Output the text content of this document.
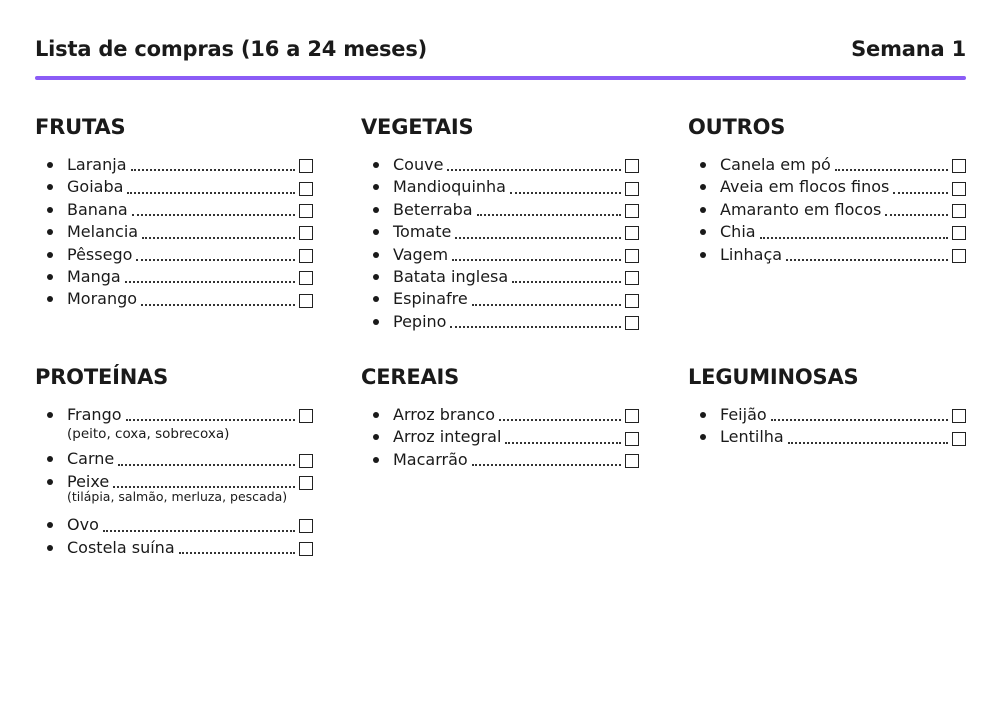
Lista de compras (16 a 24 meses)	Semana 1
FRUTAS
Laranja
Goiaba
Banana
Melancia
Pêssego
Manga
Morango
VEGETAIS
Couve
Mandioquinha
Beterraba
Tomate
Vagem
Batata inglesa
Espinafre
Pepino
OUTROS
Canela em pó
Aveia em flocos finos
Amaranto em flocos
Chia
Linhaça
PROTEÍNAS
Frango
(peito, coxa, sobrecoxa)
Carne
Peixe
(tilápia, salmão, merluza, pescada)
Ovo
Costela suína
CEREAIS
Arroz branco
Arroz integral
Macarrão
LEGUMINOSAS
Feijão
Lentilha
